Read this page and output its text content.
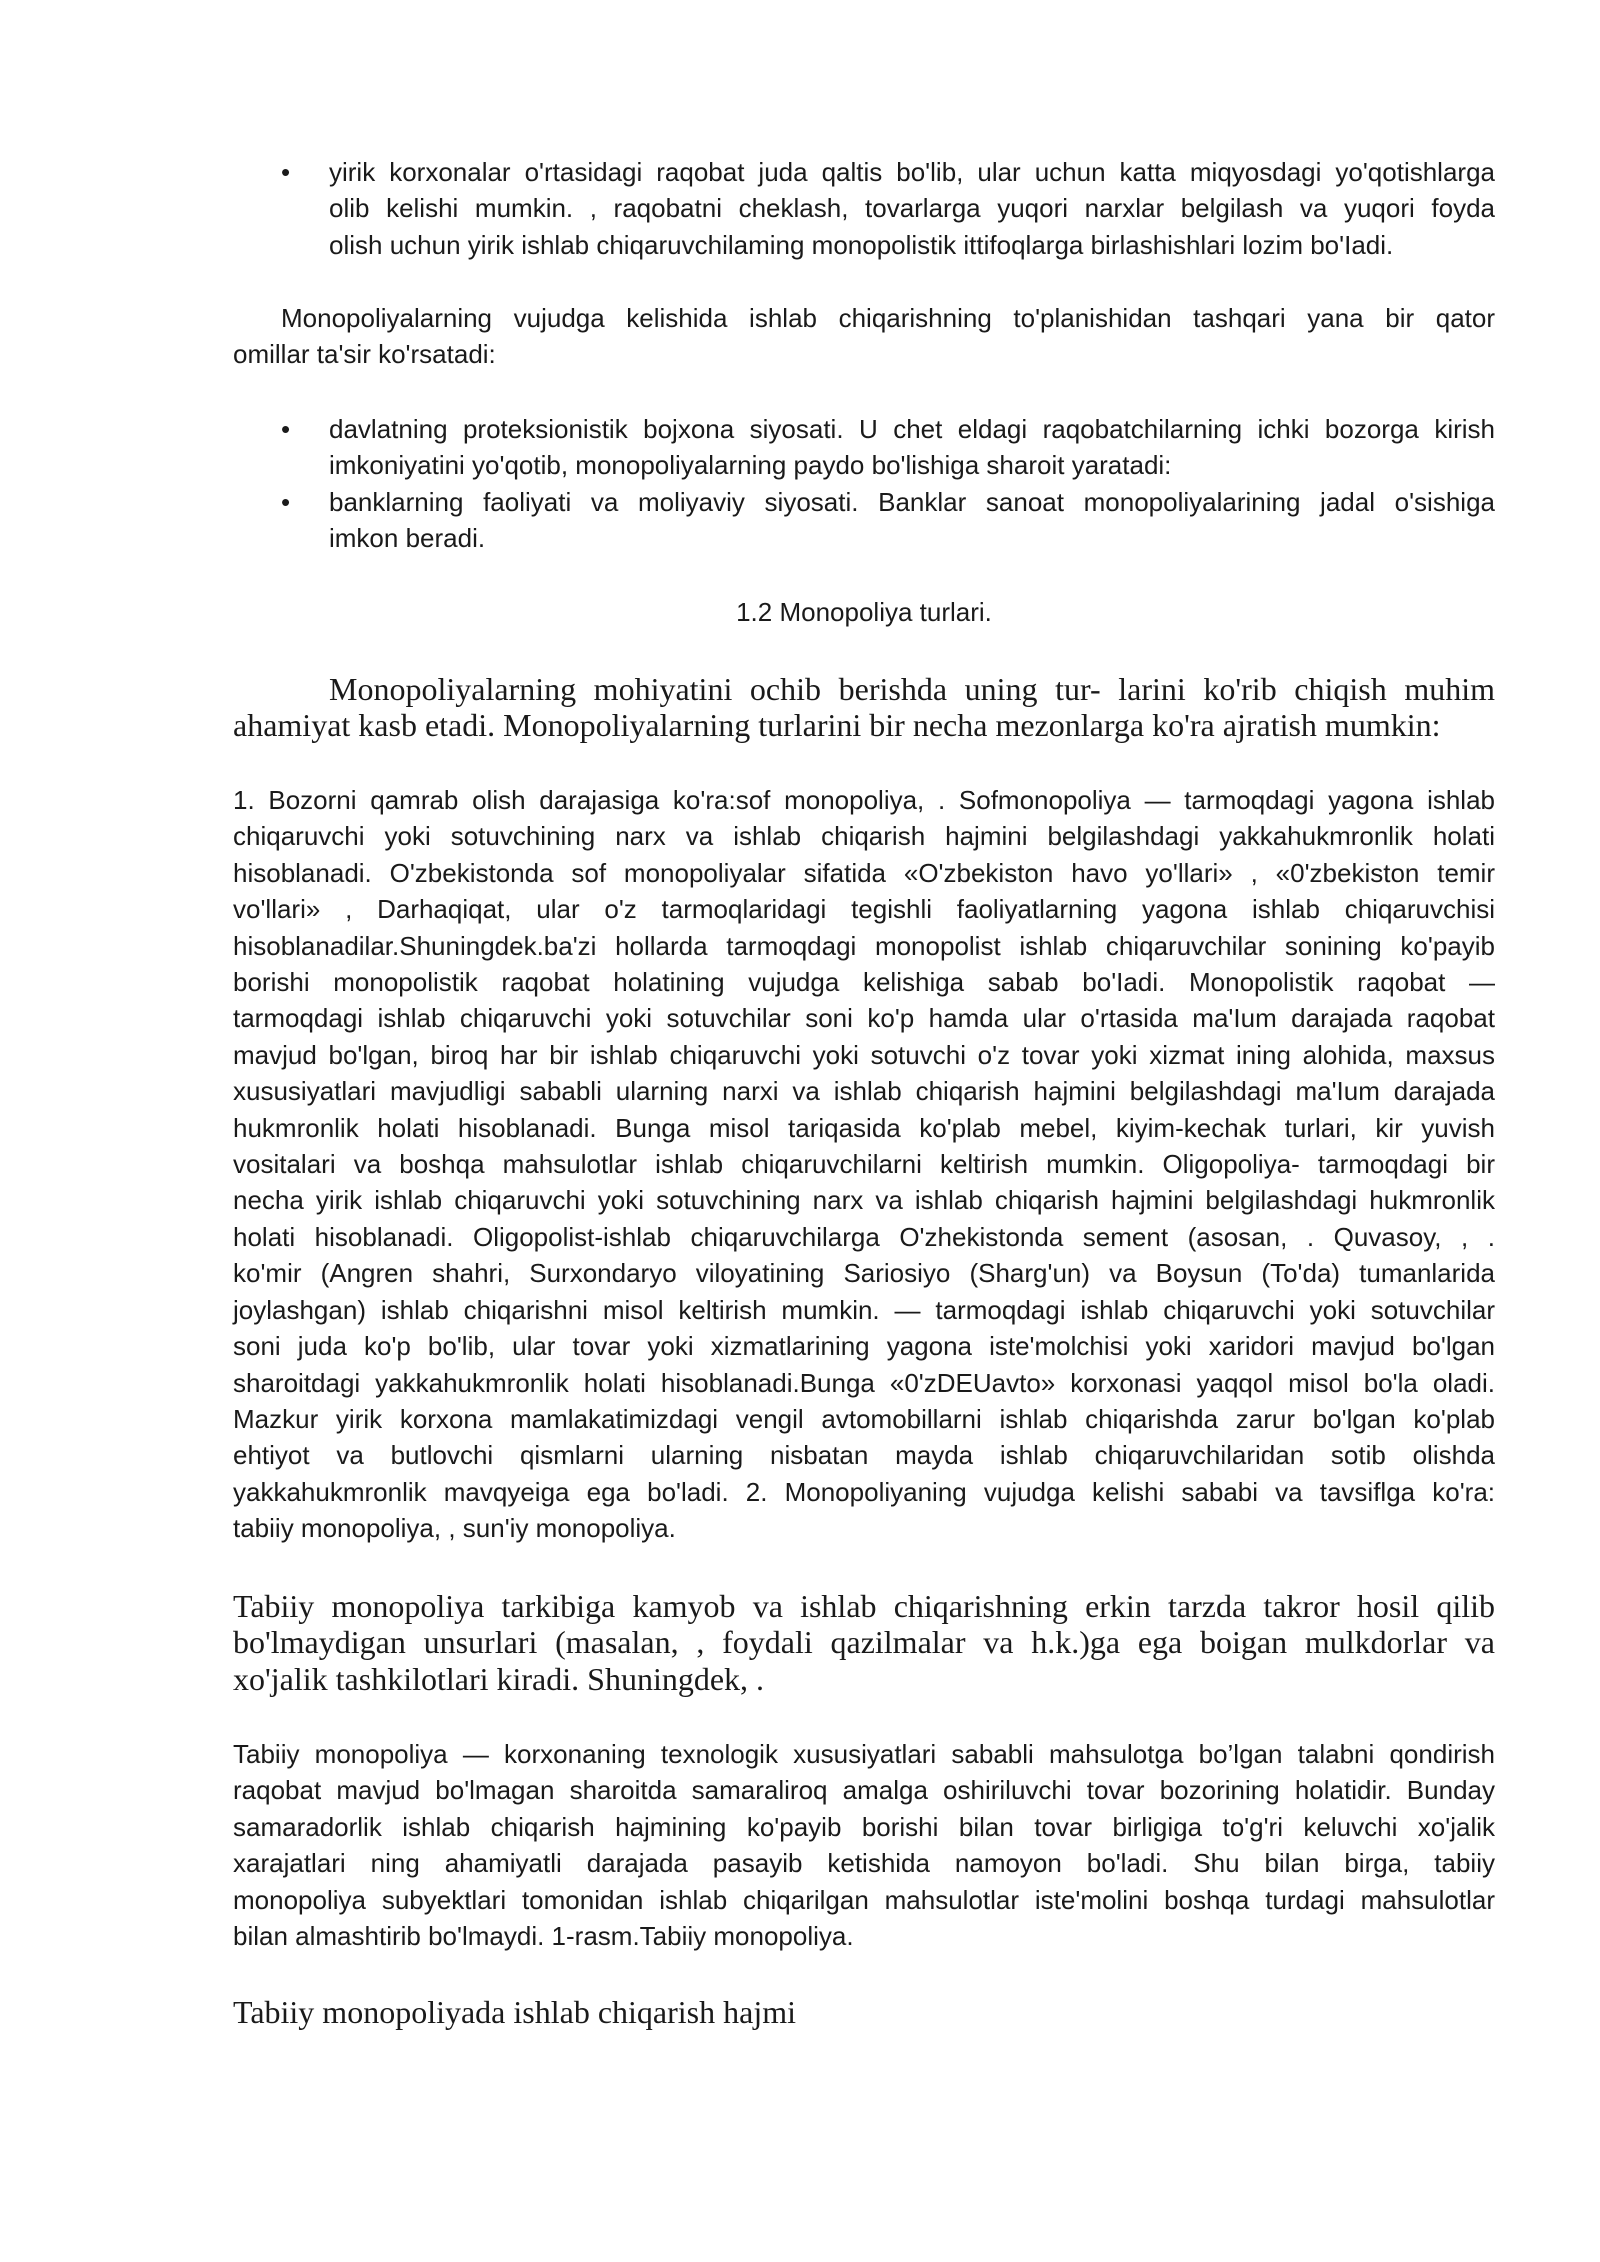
•	yirik korxonalar o'rtasidagi raqobat juda qaltis bo'lib, ular uchun katta miqyosdagi yo'qotishlarga
olib kelishi mumkin. , raqobatni cheklash, tovarlarga yuqori narxlar belgilash va yuqori foyda
olish uchun yirik ishlab chiqaruvchilaming monopolistik ittifoqlarga birlashishlari lozim bo'Iadi.
Monopoliyalarning vujudga kelishida ishlab chiqarishning to'planishidan tashqari yana bir qator
omillar ta'sir ko'rsatadi:
•	davlatning proteksionistik bojxona siyosati. U chet eldagi raqobatchilarning ichki bozorga kirish
imkoniyatini yo'qotib, monopoliyalarning paydo bo'lishiga sharoit yaratadi:
•	banklarning faoliyati va moliyaviy siyosati. Banklar sanoat monopoliyalarining jadal o'sishiga
imkon beradi.
1.2 Monopoliya turlari.
Monopoliyalarning mohiyatini ochib berishda uning tur- larini ko'rib chiqish muhim
ahamiyat kasb etadi. Monopoliyalarning turlarini bir necha mezonlarga ko'ra ajratish mumkin:
1. Bozorni qamrab olish darajasiga ko'ra:sof monopoliya, . Sofmonopoliya — tarmoqdagi yagona ishlab
chiqaruvchi yoki sotuvchining narx va ishlab chiqarish hajmini belgilashdagi yakkahukmronlik holati
hisoblanadi. O'zbekistonda sof monopoliyalar sifatida «O'zbekiston havo yo'llari» , «0'zbekiston temir
vo'llari» , Darhaqiqat, ular o'z tarmoqlaridagi tegishli faoliyatlarning yagona ishlab chiqaruvchisi
hisoblanadilar.Shuningdek.ba'zi hollarda tarmoqdagi monopolist ishlab chiqaruvchilar sonining ko'payib
borishi monopolistik raqobat holatining vujudga kelishiga sabab bo'Iadi. Monopolistik raqobat —
tarmoqdagi ishlab chiqaruvchi yoki sotuvchilar soni ko'p hamda ular o'rtasida ma'Ium darajada raqobat
mavjud bo'lgan, biroq har bir ishlab chiqaruvchi yoki sotuvchi o'z tovar yoki xizmat ining alohida, maxsus
xususiyatlari mavjudligi sababli ularning narxi va ishlab chiqarish hajmini belgilashdagi ma'Ium darajada
hukmronlik holati hisoblanadi. Bunga misol tariqasida ko'plab mebel, kiyim-kechak turlari, kir yuvish
vositalari va boshqa mahsulotlar ishlab chiqaruvchilarni keltirish mumkin. Oligopoliya- tarmoqdagi bir
necha yirik ishlab chiqaruvchi yoki sotuvchining narx va ishlab chiqarish hajmini belgilashdagi hukmronlik
holati hisoblanadi. Oligopolist-ishlab chiqaruvchilarga O'zhekistonda sement (asosan, . Quvasoy, , .
ko'mir (Angren shahri, Surxondaryo viloyatining Sariosiyo (Sharg'un) va Boysun (To'da) tumanlarida
joylashgan) ishlab chiqarishni misol keltirish mumkin. — tarmoqdagi ishlab chiqaruvchi yoki sotuvchilar
soni juda ko'p bo'lib, ular tovar yoki xizmatlarining yagona iste'molchisi yoki xaridori mavjud bo'lgan
sharoitdagi yakkahukmronlik holati hisoblanadi.Bunga «0'zDEUavto» korxonasi yaqqol misol bo'la oladi.
Mazkur yirik korxona mamlakatimizdagi vengil avtomobillarni ishlab chiqarishda zarur bo'lgan ko'plab
ehtiyot va butlovchi qismlarni ularning nisbatan mayda ishlab chiqaruvchilaridan sotib olishda
yakkahukmronlik mavqyeiga ega bo'ladi. 2. Monopoliyaning vujudga kelishi sababi va tavsiflga ko'ra:
tabiiy monopoliya, , sun'iy monopoliya.
Tabiiy monopoliya tarkibiga kamyob va ishlab chiqarishning erkin tarzda takror hosil qilib
bo'lmaydigan unsurlari (masalan, , foydali qazilmalar va h.k.)ga ega boigan mulkdorlar va
xo'jalik tashkilotlari kiradi. Shuningdek, .
Tabiiy monopoliya — korxonaning texnologik xususiyatlari sababli mahsulotga bo’lgan talabni qondirish
raqobat mavjud bo'lmagan sharoitda samaraliroq amalga oshiriluvchi tovar bozorining holatidir. Bunday
samaradorlik ishlab chiqarish hajmining ko'payib borishi bilan tovar birligiga to'g'ri keluvchi xo'jalik
xarajatlari ning ahamiyatli darajada pasayib ketishida namoyon bo'ladi. Shu bilan birga, tabiiy
monopoliya subyektlari tomonidan ishlab chiqarilgan mahsulotlar iste'molini boshqa turdagi mahsulotlar
bilan almashtirib bo'lmaydi. 1-rasm.Tabiiy monopoliya.
Tabiiy monopoliyada ishlab chiqarish hajmi
